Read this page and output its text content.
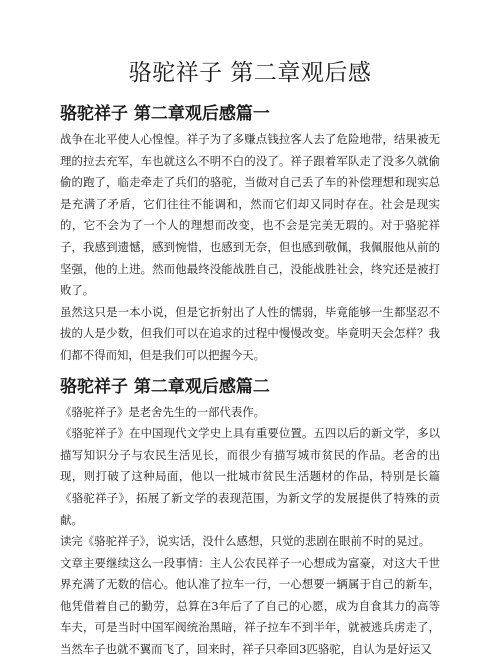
骆驼祥子 第二章观后感
骆驼祥子 第二章观后感篇一

战争在北平使人心惶惶。祥子为了多赚点钱拉客人去了危险地带，结果被无理的拉去充军，车也就这么不明不白的没了。祥子跟着军队走了没多久就偷偷的跑了，临走牵走了兵们的骆驼，当做对自己丢了车的补偿理想和现实总是充满了矛盾，它们往往不能调和，然而它们却又同时存在。社会是现实的，它不会为了一个人的理想而改变，也不会是完美无瑕的。对于骆驼祥子，我感到遗憾，感到惋惜，也感到无奈，但也感到敬佩，我佩服他从前的坚强，他的上进。然而他最终没能战胜自己，没能战胜社会，终究还是被打败了。

虽然这只是一本小说，但是它折射出了人性的懦弱，毕竟能够一生都坚忍不拔的人是少数，但我们可以在追求的过程中慢慢改变。毕竟明天会怎样？我们都不得而知，但是我们可以把握今天。

骆驼祥子 第二章观后感篇二

《骆驼祥子》是老舍先生的一部代表作。

《骆驼祥子》在中国现代文学史上具有重要位置。五四以后的新文学，多以描写知识分子与农民生活见长，而很少有描写城市贫民的作品。老舍的出现，则打破了这种局面，他以一批城市贫民生活题材的作品，特别是长篇《骆驼祥子》，拓展了新文学的表现范围，为新文学的发展提供了特殊的贡献。

读完《骆驼祥子》，说实话，没什么感想，只觉的悲剧在眼前不时的晃过。

文章主要继续这么一段事情：主人公农民祥子一心想成为富豪，对这大千世界充满了无数的信心。他认准了拉车一行，一心想要一辆属于自己的新车，他凭借着自己的勤劳，总算在3年后了了自己的心愿，成为自食其力的高等车夫，可是当时中国军阀统治黑暗，祥子拉车不到半年，就被逃兵虏走了，当然车子也就不翼而飞了，回来时，祥子只牵回3匹骆驼，自认为是好运又
